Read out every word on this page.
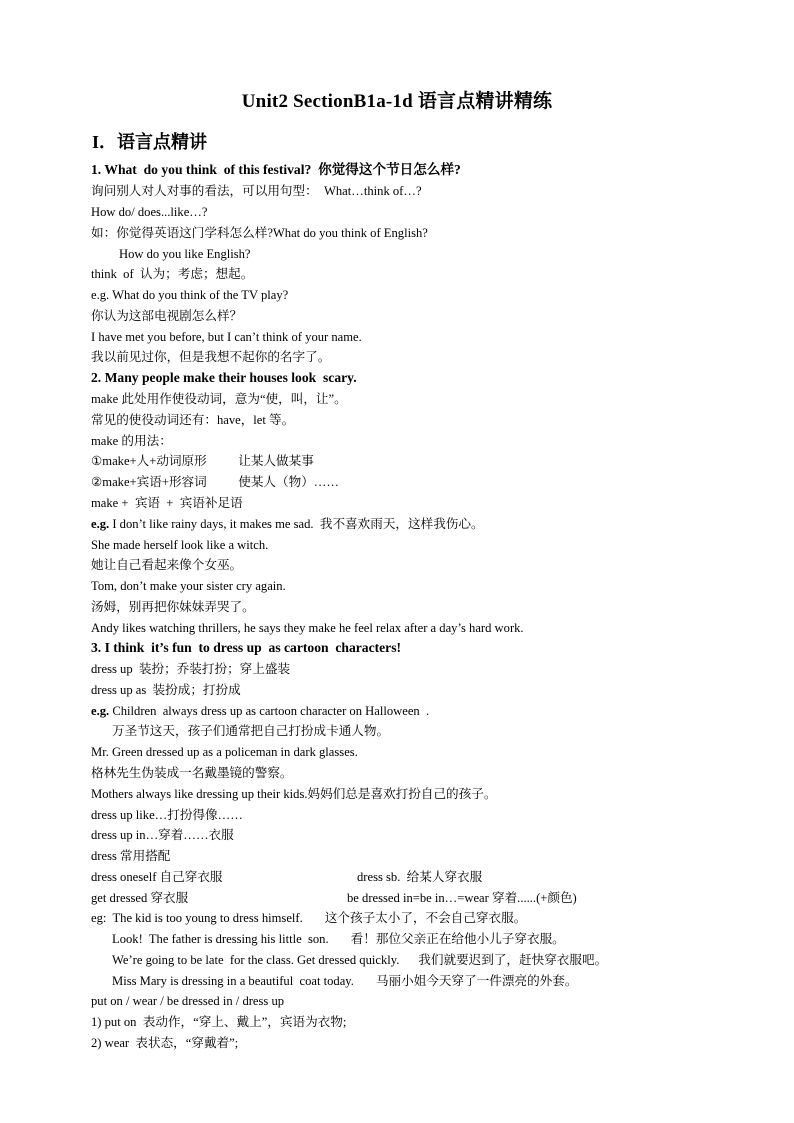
Unit2 SectionB1a-1d 语言点精讲精练
I．语言点精讲
1. What  do you think  of this festival?  你觉得这个节日怎么样?
询问别人对人对事的看法，可以用句型：  What…think of…?
How do/ does...like…?
如：你觉得英语这门学科怎么样?What do you think of English?
How do you like English?
think  of  认为；考虑；想起。
e.g. What do you think of the TV play?
你认为这部电视剧怎么样？
I have met you before, but I can’t think of your name.
我以前见过你，但是我想不起你的名字了。
2. Many people make their houses look  scary.
make 此处用作使役动词，意为“使，叫，让”。
常见的使役动词还有：have，let 等。
make 的用法：
①make+人+动词原形          让某人做某事
②make+宾语+形容词          使某人（物）……
make +  宾语  +  宾语补足语
e.g. I don’t like rainy days, it makes me sad.  我不喜欢雨天，这样我伤心。
She made herself look like a witch.
她让自己看起来像个女巫。
Tom, don’t make your sister cry again.
汤姆，别再把你妹妹弄哭了。
Andy likes watching thrillers, he says they make he feel relax after a day’s hard work.
3. I think  it’s fun  to dress up  as cartoon  characters!
dress up  装扮；乔装打扮；穿上盛装
dress up as  装扮成；打扮成
e.g. Children  always dress up as cartoon character on Halloween  .
万圣节这天，孩子们通常把自己打扮成卡通人物。
Mr. Green dressed up as a policeman in dark glasses.
格林先生伪装成一名戴墨镜的警察。
Mothers always like dressing up their kids.妈妈们总是喜欢打扮自己的孩子。
dress up like…打扮得像……
dress up in…穿着……衣服
dress 常用搭配
dress oneself 自己穿衣服	dress sb.  给某人穿衣服
get dressed 穿衣服	be dressed in=be in…=wear 穿着......(+颜色)
eg:  The kid is too young to dress himself.       这个孩子太小了，不会自己穿衣服。
Look!  The father is dressing his little  son.       看！那位父亲正在给他小儿子穿衣服。
We’re going to be late  for the class. Get dressed quickly.      我们就要迟到了，赶快穿衣服吧。
Miss Mary is dressing in a beautiful  coat today.       马丽小姐今天穿了一件漂亮的外套。
put on / wear / be dressed in / dress up
1) put on  表动作，“穿上、戴上”，宾语为衣物;
2) wear  表状态，“穿戴着”;
